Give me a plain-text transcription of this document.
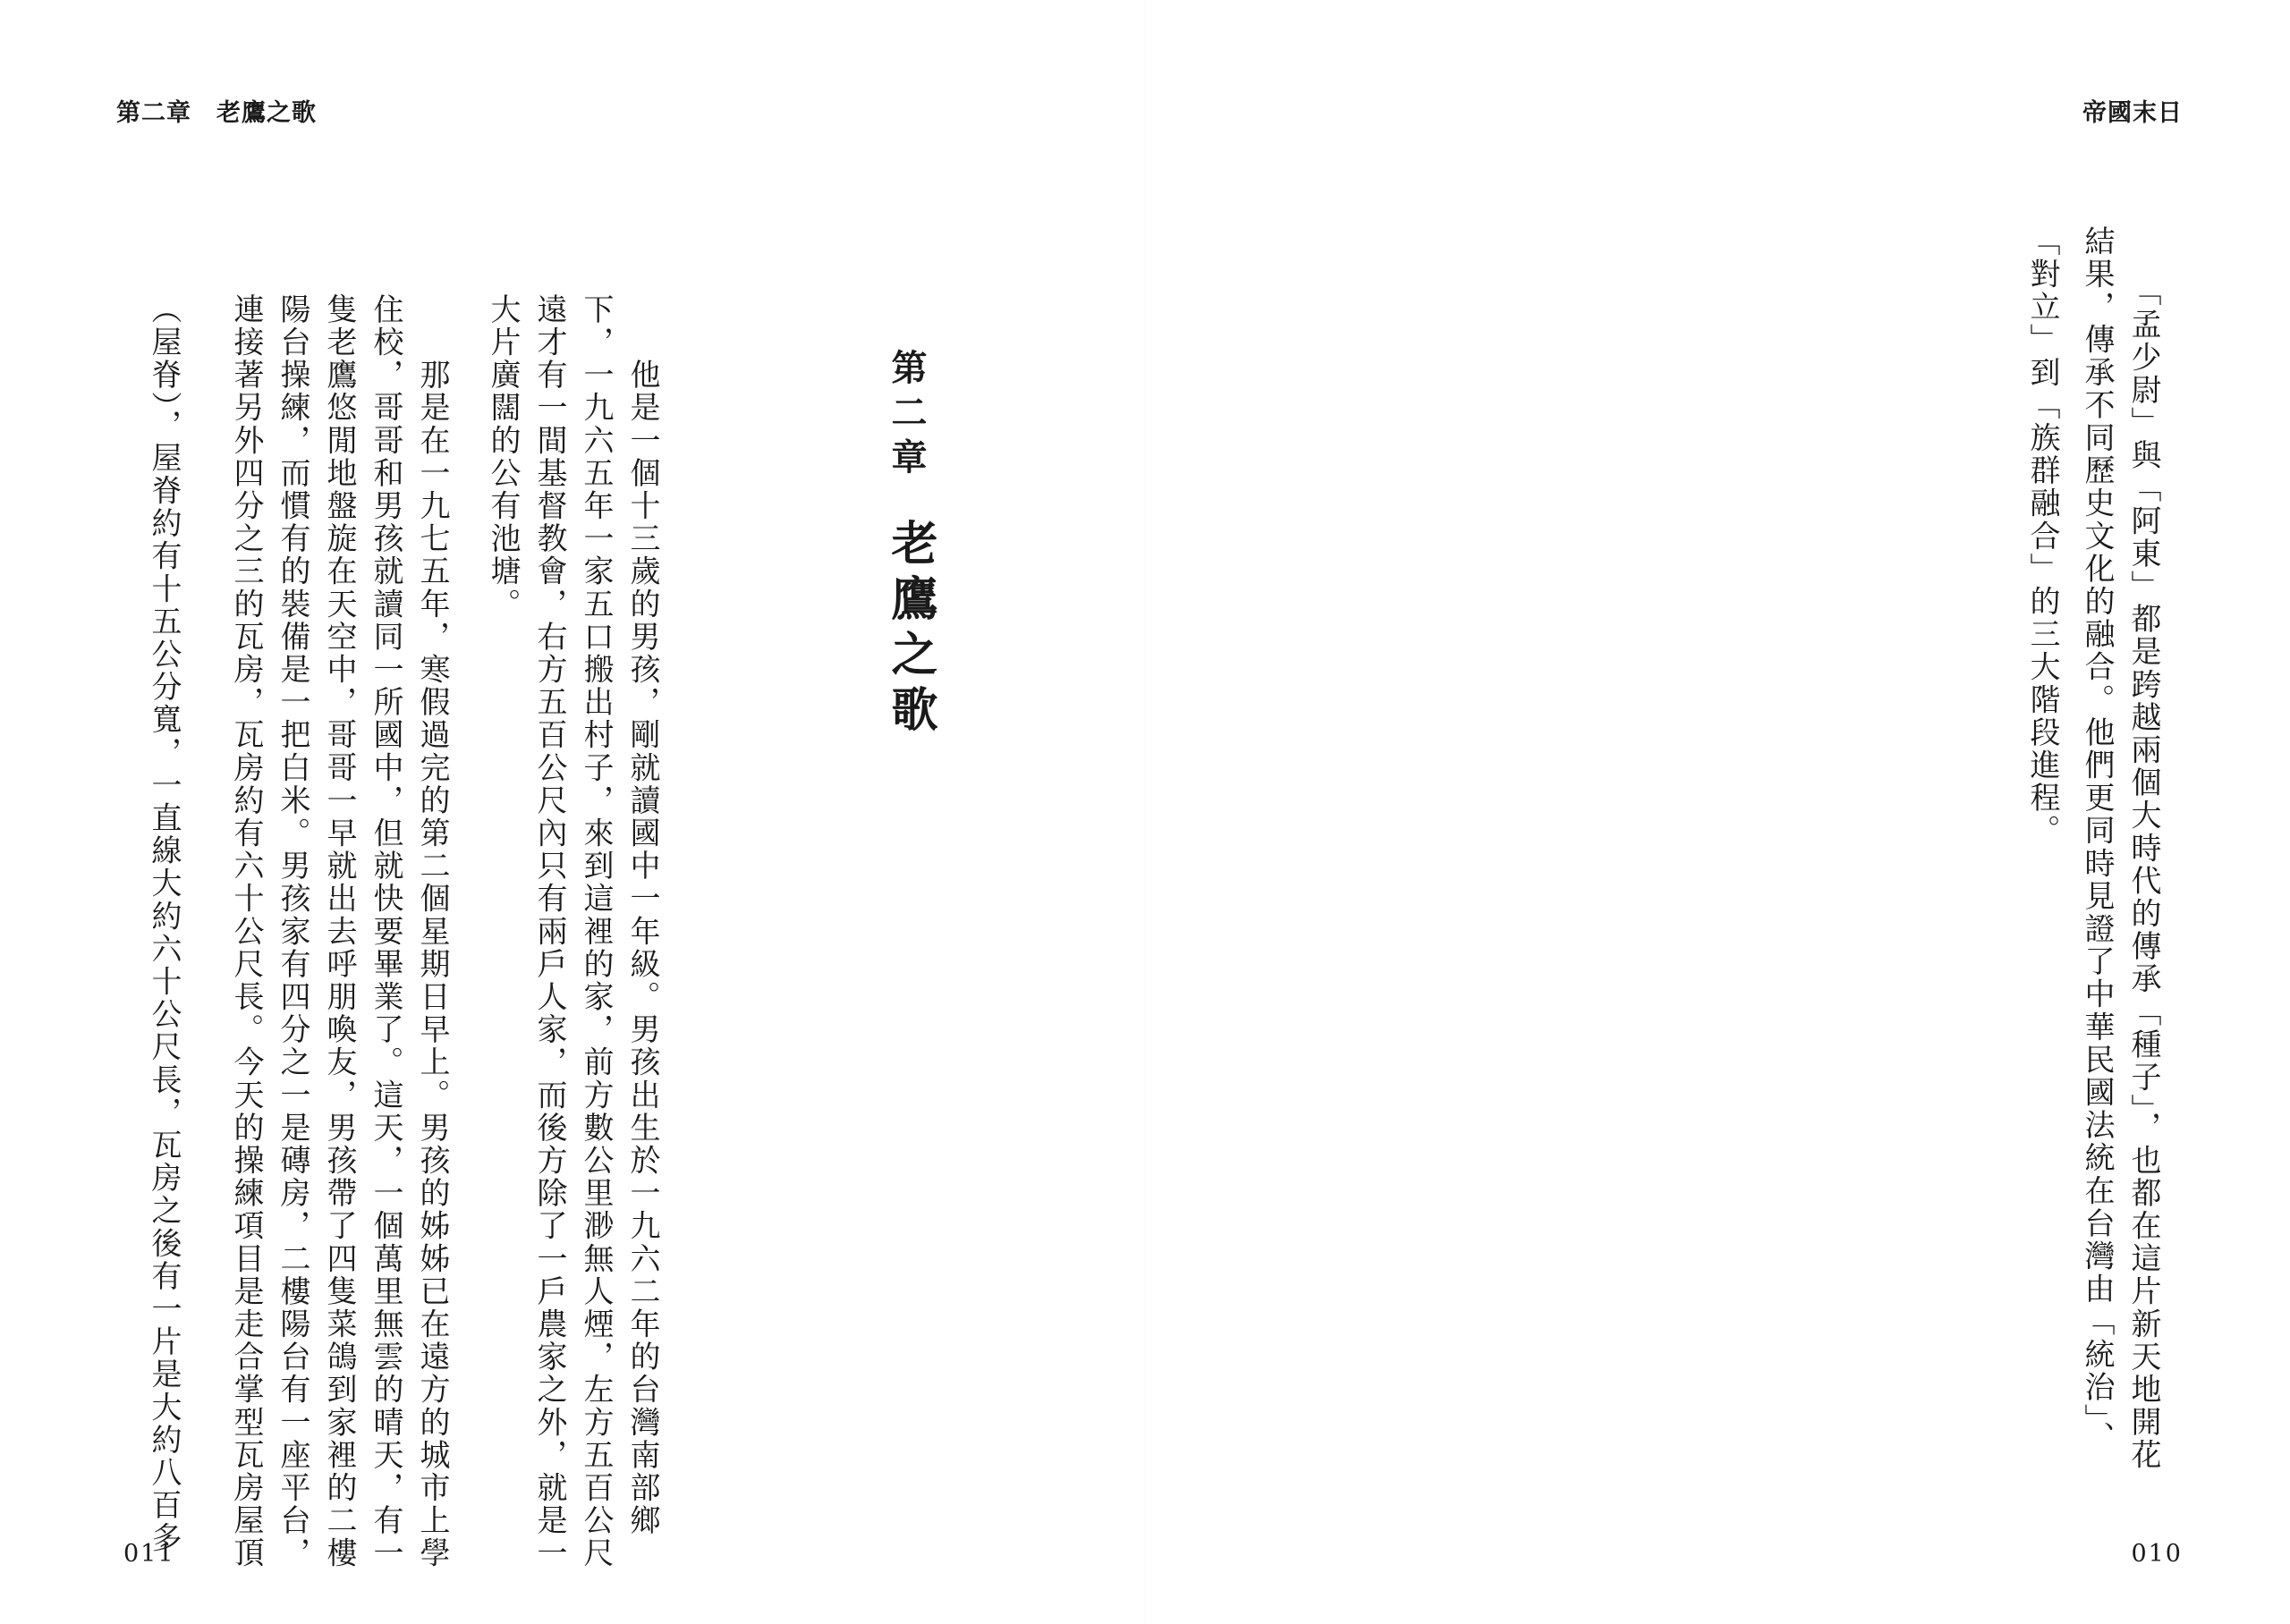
第二章　老鷹之歌
第二章
老鷹之歌
　　他是一個十三歲的男孩，剛就讀國中一年級。男孩出生於一九六二年的台灣南部鄉
下，一九六五年一家五口搬出村子，來到這裡的家，前方數公里渺無人煙，左方五百公尺
遠才有一間基督教會，右方五百公尺內只有兩戶人家，而後方除了一戶農家之外，就是一
大片廣闊的公有池塘。
　　那是在一九七五年，寒假過完的第二個星期日早上。男孩的姊姊已在遠方的城市上學
住校，哥哥和男孩就讀同一所國中，但就快要畢業了。這天，一個萬里無雲的晴天，有一
隻老鷹悠閒地盤旋在天空中，哥哥一早就出去呼朋喚友，男孩帶了四隻菜鴿到家裡的二樓
陽台操練，而慣有的裝備是一把白米。男孩家有四分之一是磚房，二樓陽台有一座平台，
連接著另外四分之三的瓦房，瓦房約有六十公尺長。今天的操練項目是走合掌型瓦房屋頂
（屋脊），屋脊約有十五公分寬，一直線大約六十公尺長，瓦房之後有一片是大約八百多
011
帝國末日
　　「孟少尉」與「阿東」都是跨越兩個大時代的傳承「種子」，也都在這片新天地開花
結果，傳承不同歷史文化的融合。他們更同時見證了中華民國法統在台灣由「統治」、
「對立」到「族群融合」的三大階段進程。
010
